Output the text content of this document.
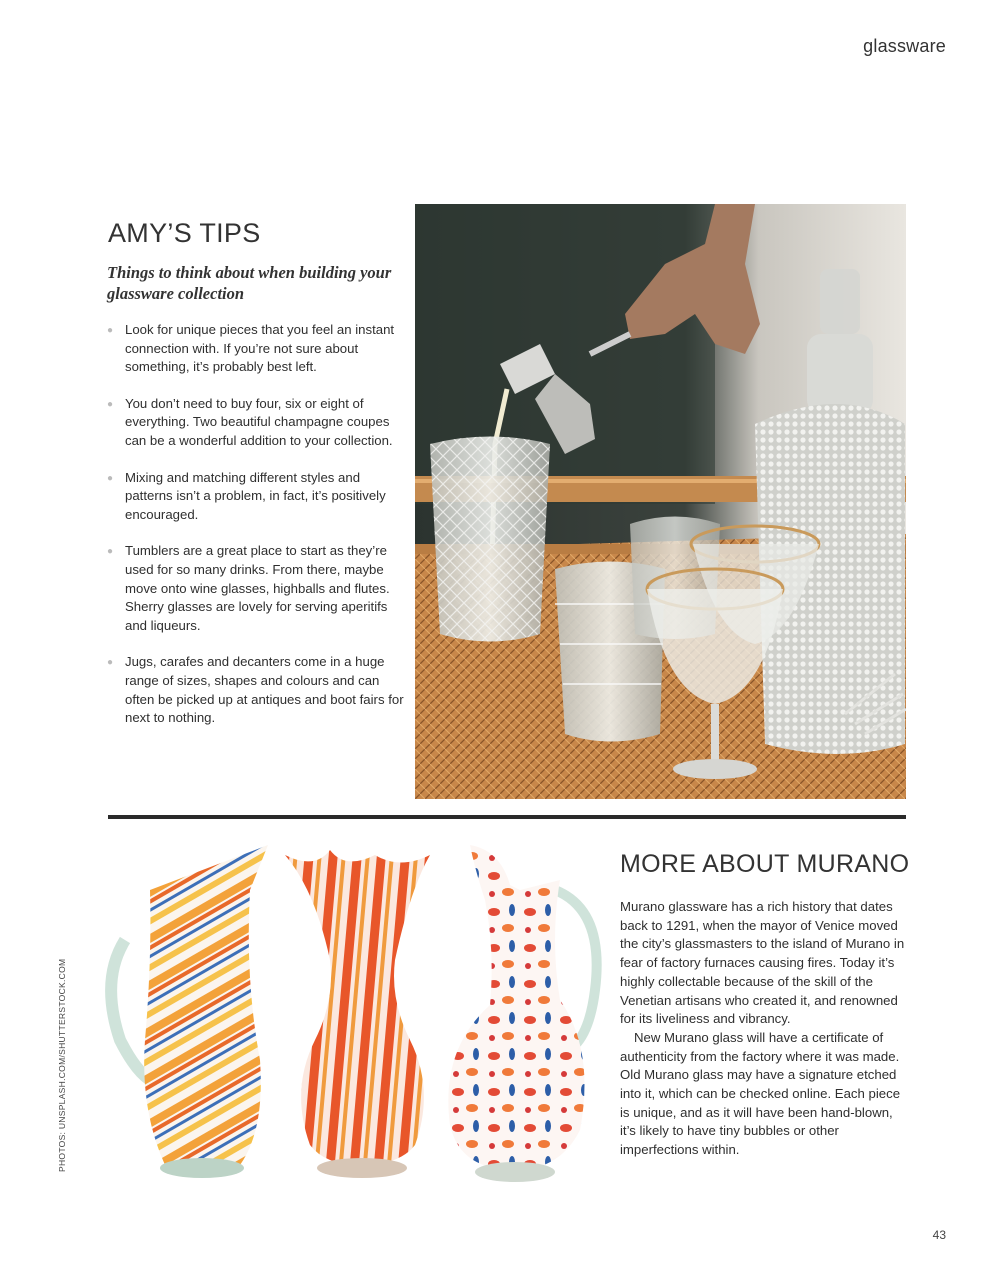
glassware
AMY’S TIPS
Things to think about when building your glassware collection
● Look for unique pieces that you feel an instant connection with. If you’re not sure about something, it’s probably best left.
● You don’t need to buy four, six or eight of everything. Two beautiful champagne coupes can be a wonderful addition to your collection.
● Mixing and matching different styles and patterns isn’t a problem, in fact, it’s positively encouraged.
● Tumblers are a great place to start as they’re used for so many drinks. From there, maybe move onto wine glasses, highballs and flutes. Sherry glasses are lovely for serving aperitifs and liqueurs.
● Jugs, carafes and decanters come in a huge range of sizes, shapes and colours and can often be picked up at antiques and boot fairs for next to nothing.
MORE ABOUT MURANO

Murano glassware has a rich history that dates back to 1291, when the mayor of Venice moved the city’s glassmasters to the island of Murano in fear of factory furnaces causing fires. Today it’s highly collectable because of the skill of the Venetian artisans who created it, and renowned for its liveliness and vibrancy.

New Murano glass will have a certificate of authenticity from the factory where it was made. Old Murano glass may have a signature etched into it, which can be checked online. Each piece is unique, and as it will have been hand-blown, it’s likely to have tiny bubbles or other imperfections within.

PHOTOS: UNSPLASH.COM/SHUTTERSTOCK.COM
43
